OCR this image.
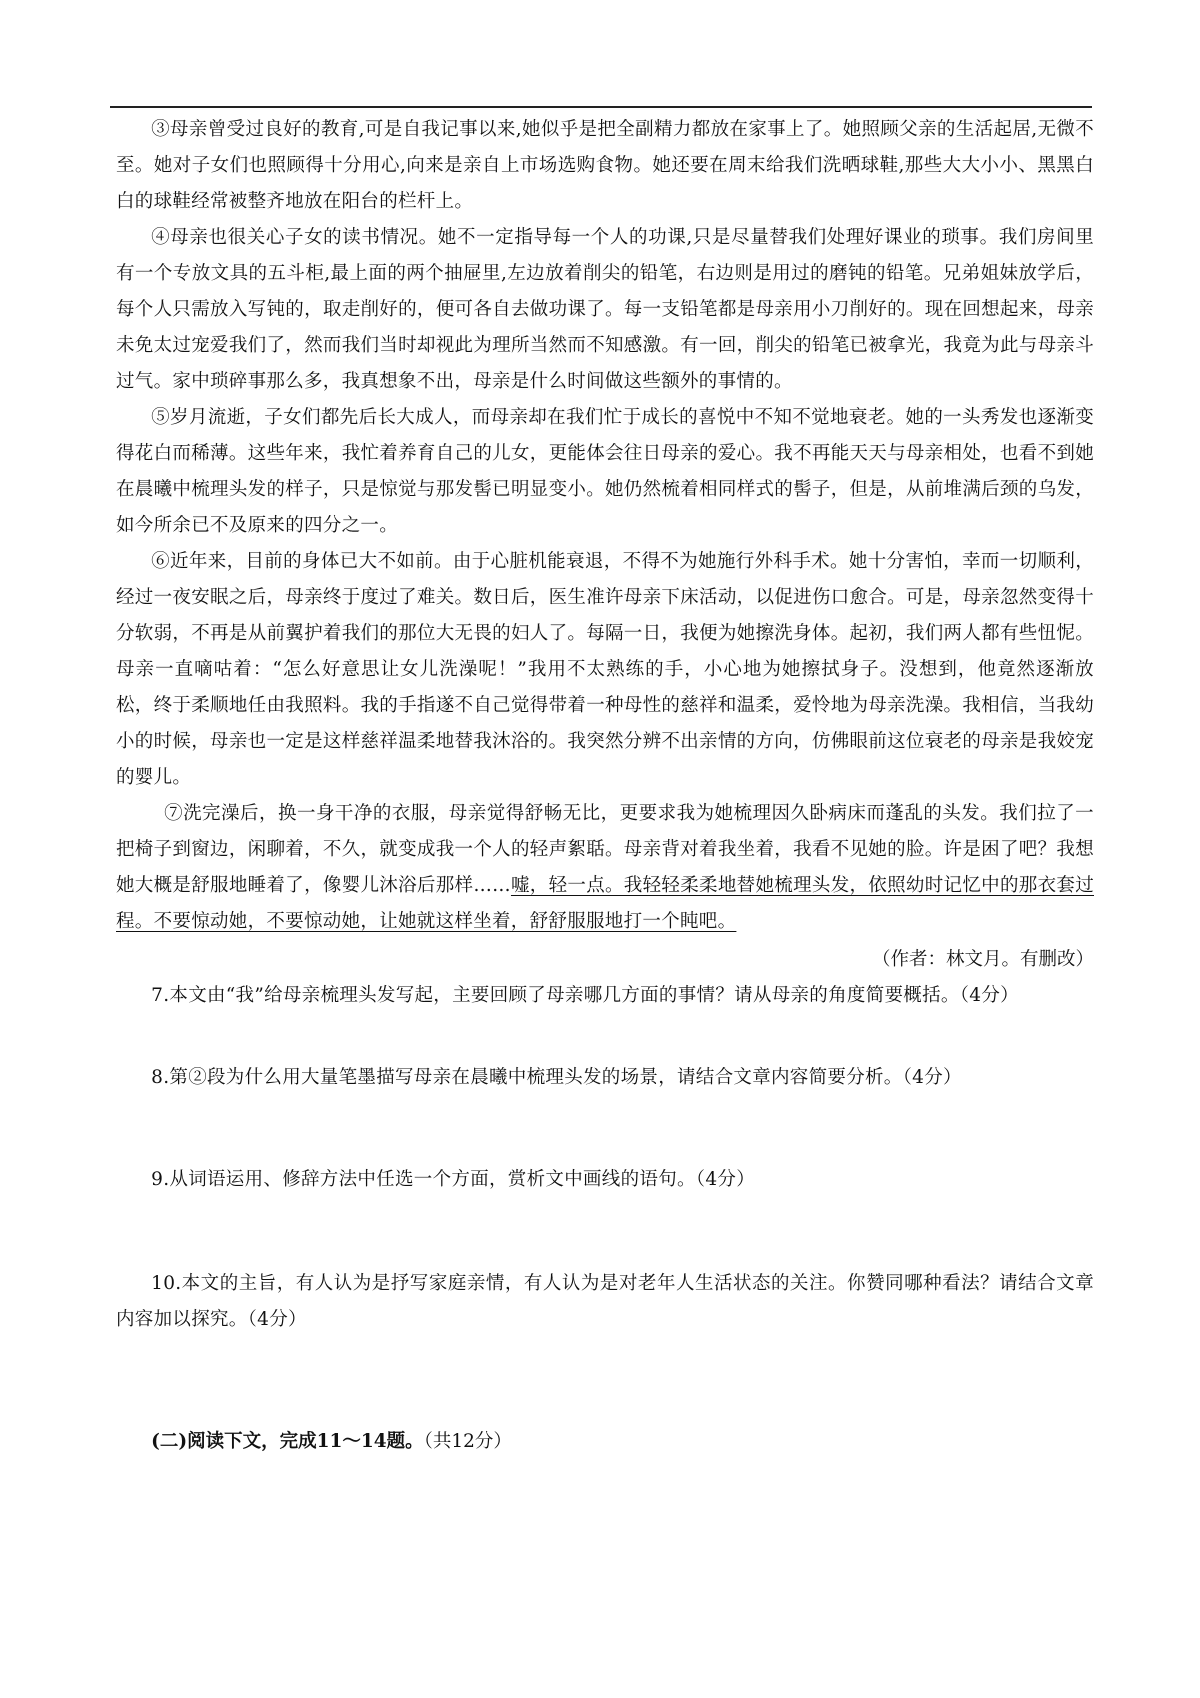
③母亲曾受过良好的教育,可是自我记事以来,她似乎是把全副精力都放在家事上了。她照顾父亲的生活起居,无微不至。她对子女们也照顾得十分用心,向来是亲自上市场选购食物。她还要在周末给我们洗晒球鞋,那些大大小小、黑黑白白的球鞋经常被整齐地放在阳台的栏杆上。

④母亲也很关心子女的读书情况。她不一定指导每一个人的功课,只是尽量替我们处理好课业的琐事。我们房间里有一个专放文具的五斗柜,最上面的两个抽屉里,左边放着削尖的铅笔，右边则是用过的磨钝的铅笔。兄弟姐妹放学后，每个人只需放入写钝的，取走削好的，便可各自去做功课了。每一支铅笔都是母亲用小刀削好的。现在回想起来，母亲未免太过宠爱我们了，然而我们当时却视此为理所当然而不知感激。有一回，削尖的铅笔已被拿光，我竟为此与母亲斗过气。家中琐碎事那么多，我真想象不出，母亲是什么时间做这些额外的事情的。

⑤岁月流逝，子女们都先后长大成人，而母亲却在我们忙于成长的喜悦中不知不觉地衰老。她的一头秀发也逐渐变得花白而稀薄。这些年来，我忙着养育自己的儿女，更能体会往日母亲的爱心。我不再能天天与母亲相处，也看不到她在晨曦中梳理头发的样子，只是惊觉与那发髻已明显变小。她仍然梳着相同样式的髻子，但是，从前堆满后颈的乌发，如今所余已不及原来的四分之一。

⑥近年来，目前的身体已大不如前。由于心脏机能衰退，不得不为她施行外科手术。她十分害怕，幸而一切顺利，经过一夜安眠之后，母亲终于度过了难关。数日后，医生准许母亲下床活动，以促进伤口愈合。可是，母亲忽然变得十分软弱，不再是从前翼护着我们的那位大无畏的妇人了。每隔一日，我便为她擦洗身体。起初，我们两人都有些忸怩。母亲一直嘀咕着：“怎么好意思让女儿洗澡呢！”我用不太熟练的手，小心地为她擦拭身子。没想到，他竟然逐渐放松，终于柔顺地任由我照料。我的手指遂不自己觉得带着一种母性的慈祥和温柔，爱怜地为母亲洗澡。我相信，当我幼小的时候，母亲也一定是这样慈祥温柔地替我沐浴的。我突然分辨不出亲情的方向，仿佛眼前这位衰老的母亲是我姣宠的婴儿。

⑦洗完澡后，换一身干净的衣服，母亲觉得舒畅无比，更要求我为她梳理因久卧病床而蓬乱的头发。我们拉了一把椅子到窗边，闲聊着，不久，就变成我一个人的轻声絮聒。母亲背对着我坐着，我看不见她的脸。许是困了吧？我想她大概是舒服地睡着了，像婴儿沐浴后那样……嘘，轻一点。我轻轻柔柔地替她梳理头发，依照幼时记忆中的那衣套过程。不要惊动她，不要惊动她，让她就这样坐着，舒舒服服地打一个盹吧。

（作者：林文月。有删改）

7.本文由“我”给母亲梳理头发写起，主要回顾了母亲哪几方面的事情？请从母亲的角度简要概括。（4分）

8.第②段为什么用大量笔墨描写母亲在晨曦中梳理头发的场景，请结合文章内容简要分析。（4分）

9.从词语运用、修辞方法中任选一个方面，赏析文中画线的语句。（4分）

10.本文的主旨，有人认为是抒写家庭亲情，有人认为是对老年人生活状态的关注。你赞同哪种看法？请结合文章内容加以探究。（4分）

(二)阅读下文，完成11～14题。（共12分）
